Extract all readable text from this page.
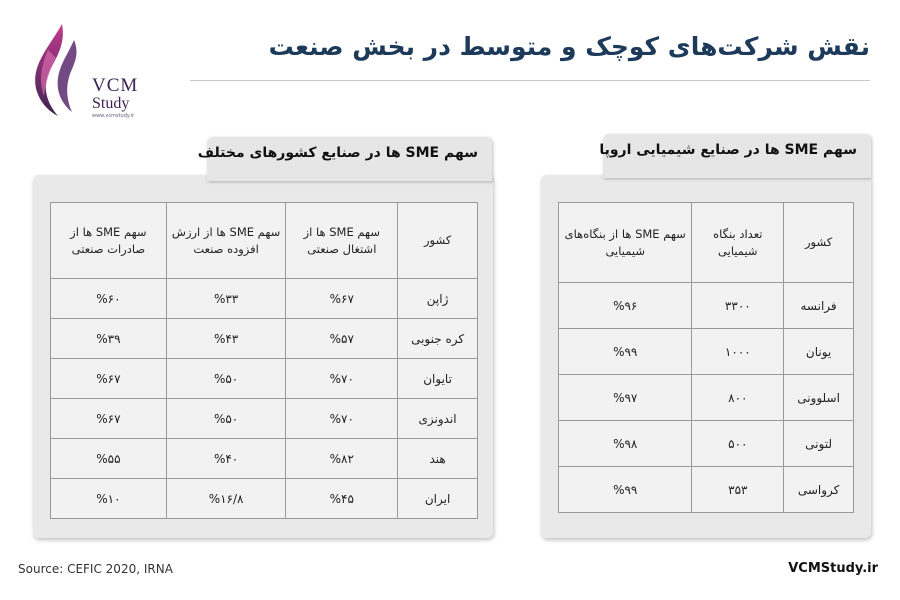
VCM
Study
www.vcmstudy.ir
نقش شرکت‌های کوچک و متوسط در بخش صنعت
کشور	سهم SME ها از اشتغال صنعتی	سهم SME ها از ارزش افزوده صنعت	سهم SME ها از صادرات صنعتی
ژاپن	%۶۷	%۳۳	%۶۰
کره جنوبی	%۵۷	%۴۳	%۳۹
تایوان	%۷۰	%۵۰	%۶۷
اندونزی	%۷۰	%۵۰	%۶۷
هند	%۸۲	%۴۰	%۵۵
ایران	%۴۵	%۱۶/۸	%۱۰
سهم SME ها در صنایع کشورهای مختلف
کشور	تعداد بنگاه شیمیایی	سهم SME ها از بنگاه‌های شیمیایی
فرانسه	۳۳۰۰	%۹۶
یونان	۱۰۰۰	%۹۹
اسلوونی	۸۰۰	%۹۷
لتونی	۵۰۰	%۹۸
کرواسی	۳۵۳	%۹۹
سهم SME ها در صنایع شیمیایی اروپا
Source: CEFIC 2020, IRNA	VCMStudy.ir
